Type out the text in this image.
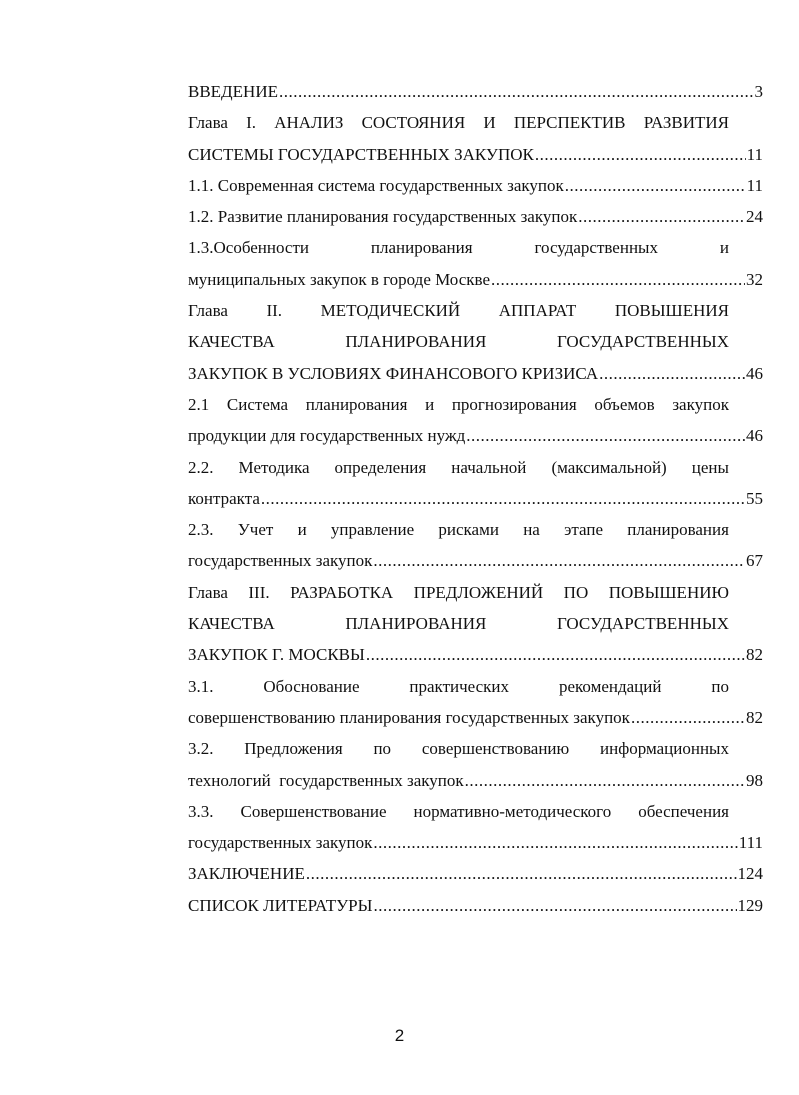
ВВЕДЕНИЕ .....	3
Глава I. АНАЛИЗ СОСТОЯНИЯ И ПЕРСПЕКТИВ РАЗВИТИЯ
СИСТЕМЫ ГОСУДАРСТВЕННЫХ ЗАКУПОК .....	11
1.1. Современная система государственных закупок .....	11
1.2. Развитие планирования государственных закупок .....	24
1.3.Особенности	планирования	государственных	и
муниципальных закупок в городе Москве .....	32
Глава II. МЕТОДИЧЕСКИЙ АППАРАТ ПОВЫШЕНИЯ
КАЧЕСТВА	ПЛАНИРОВАНИЯ	ГОСУДАРСТВЕННЫХ
ЗАКУПОК В УСЛОВИЯХ ФИНАНСОВОГО КРИЗИСА .....	46
2.1 Система планирования и прогнозирования объемов закупок
продукции для государственных нужд .....	46
2.2. Методика определения начальной (максимальной) цены
контракта .....	55
2.3. Учет и управление рисками на этапе планирования
государственных закупок .....	67
Глава III. РАЗРАБОТКА ПРЕДЛОЖЕНИЙ ПО ПОВЫШЕНИЮ
КАЧЕСТВА	ПЛАНИРОВАНИЯ	ГОСУДАРСТВЕННЫХ
ЗАКУПОК Г. МОСКВЫ .....	82
3.1.	Обоснование	практических	рекомендаций	по
совершенствованию планирования государственных закупок .....	82
3.2. Предложения по совершенствованию информационных
технологий  государственных закупок .....	98
3.3. Совершенствование нормативно-методического обеспечения
государственных закупок .....	111
ЗАКЛЮЧЕНИЕ .....	124
СПИСОК ЛИТЕРАТУРЫ .....	129
2
